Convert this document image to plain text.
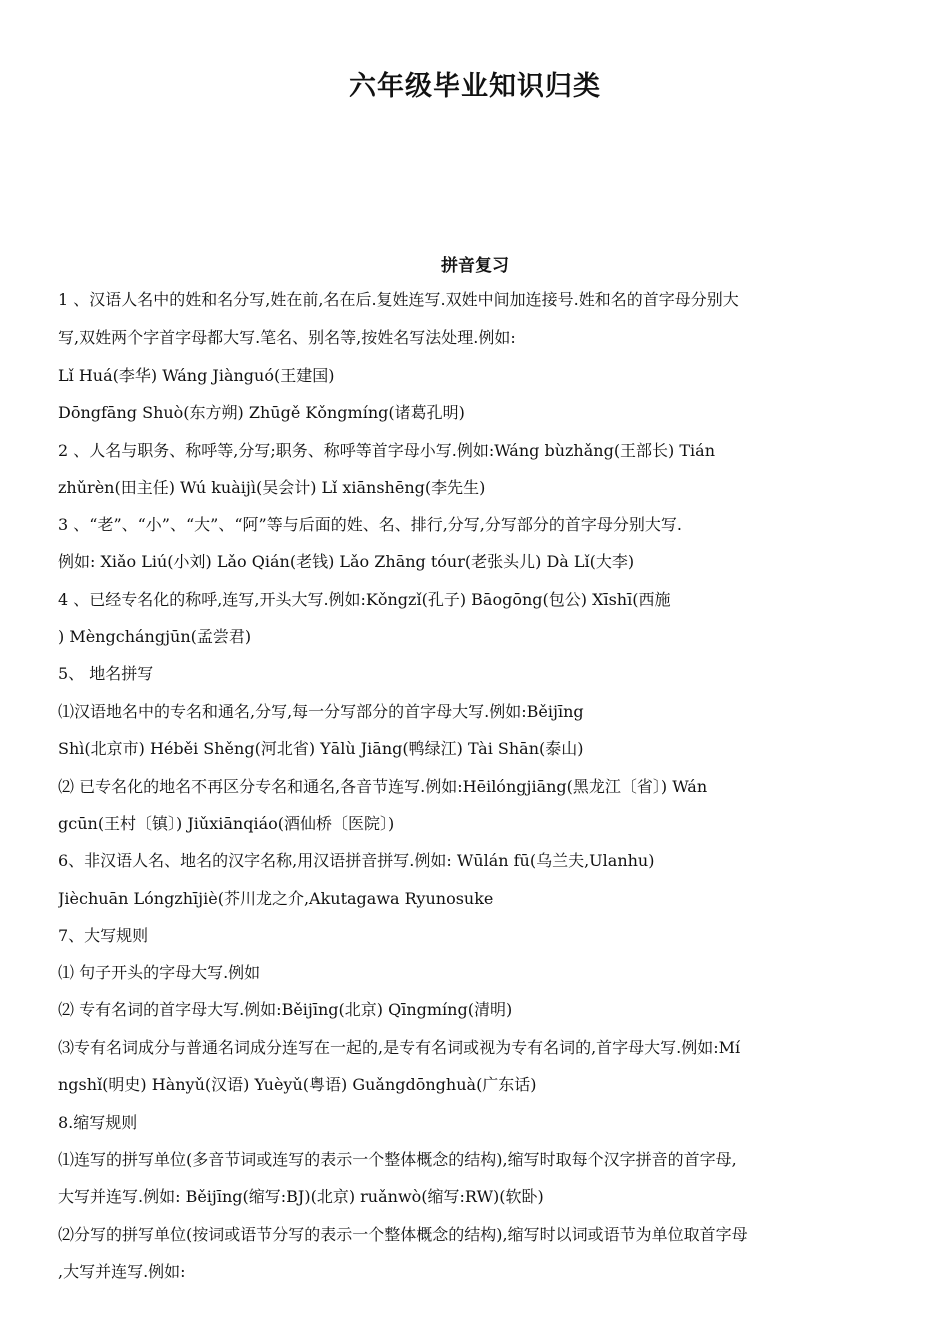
六年级毕业知识归类
拼音复习

1 、汉语人名中的姓和名分写,姓在前,名在后.复姓连写.双姓中间加连接号.姓和名的首字母分别大

写,双姓两个字首字母都大写.笔名、别名等,按姓名写法处理.例如:

Lǐ Huá(李华) Wáng Jiànguó(王建国)

Dōngfāng Shuò(东方朔) Zhūgě Kǒngmíng(诸葛孔明)

2 、人名与职务、称呼等,分写;职务、称呼等首字母小写.例如:Wáng bùzhǎng(王部长) Tián

zhǔrèn(田主任) Wú kuàijì(吴会计) Lǐ xiānshēng(李先生)

3 、“老”、“小”、“大”、“阿”等与后面的姓、名、排行,分写,分写部分的首字母分别大写.

例如: Xiǎo Liú(小刘) Lǎo Qián(老钱) Lǎo Zhāng tóur(老张头儿) Dà Lǐ(大李)

4 、已经专名化的称呼,连写,开头大写.例如:Kǒngzǐ(孔子) Bāogōng(包公) Xīshī(西施

) Mèngchángjūn(孟尝君)

5、 地名拼写

⑴汉语地名中的专名和通名,分写,每一分写部分的首字母大写.例如:Běijīng

Shì(北京市) Héběi Shěng(河北省) Yālù Jiāng(鸭绿江) Tài Shān(泰山)

⑵ 已专名化的地名不再区分专名和通名,各音节连写.例如:Hēilóngjiāng(黑龙江〔省〕) Wán

gcūn(王村〔镇〕) Jiǔxiānqiáo(酒仙桥〔医院〕)

6、非汉语人名、地名的汉字名称,用汉语拼音拼写.例如: Wūlán fū(乌兰夫,Ulanhu)

Jièchuān Lóngzhījiè(芥川龙之介,Akutagawa Ryunosuke

7、大写规则

⑴ 句子开头的字母大写.例如

⑵ 专有名词的首字母大写.例如:Běijīng(北京) Qīngmíng(清明)

⑶专有名词成分与普通名词成分连写在一起的,是专有名词或视为专有名词的,首字母大写.例如:Mí

ngshǐ(明史) Hànyǔ(汉语) Yuèyǔ(粤语) Guǎngdōnghuà(广东话)

8.缩写规则

⑴连写的拼写单位(多音节词或连写的表示一个整体概念的结构),缩写时取每个汉字拼音的首字母,

大写并连写.例如: Běijīng(缩写:BJ)(北京) ruǎnwò(缩写:RW)(软卧)

⑵分写的拼写单位(按词或语节分写的表示一个整体概念的结构),缩写时以词或语节为单位取首字母

,大写并连写.例如:
